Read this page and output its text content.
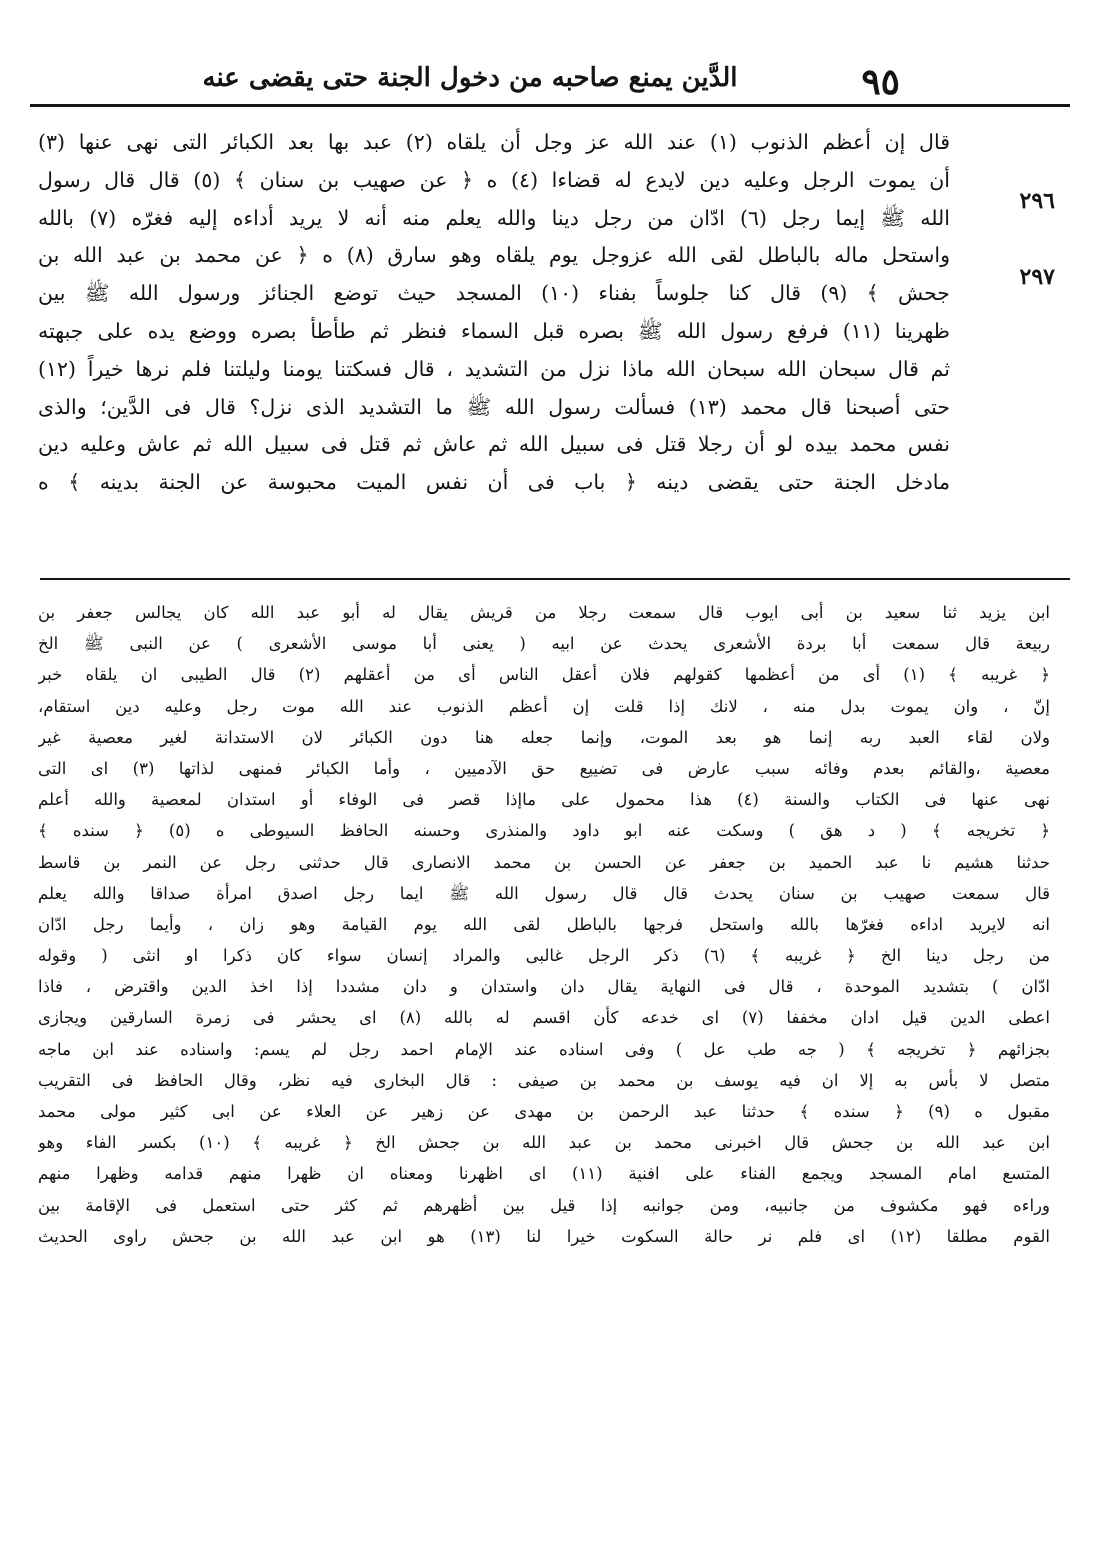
٩٥
الدَّين يمنع صاحبه من دخول الجنة حتى يقضى عنه
٢٩٦
٢٩٧
قال إن أعظم الذنوب (١) عند الله عز وجل أن يلقاه (٢) عبد بها بعد الكبائر التى نهى عنها (٣)
أن يموت الرجل وعليه دين لايدع له قضاءا (٤) ه ﴿ عن صهيب بن سنان ﴾ (٥) قال قال رسول
الله ﷺ إيما رجل (٦) ادّان من رجل دينا والله يعلم منه أنه لا يريد أداءه إليه فغرّه (٧) بالله
واستحل ماله بالباطل لقى الله عزوجل يوم يلقاه وهو سارق (٨) ه ﴿ عن محمد بن عبد الله بن
جحش ﴾ (٩) قال كنا جلوساً بفناء (١٠) المسجد حيث توضع الجنائز ورسول الله ﷺ بين
ظهرينا (١١) فرفع رسول الله ﷺ بصره قبل السماء فنظر ثم طأطأ بصره ووضع يده على جبهته
ثم قال سبحان الله سبحان الله ماذا نزل من التشديد ، قال فسكتنا يومنا وليلتنا فلم نرها خيراً (١٢)
حتى أصبحنا قال محمد (١٣) فسألت رسول الله ﷺ ما التشديد الذى نزل؟ قال فى الدَّين؛ والذى
نفس محمد بيده لو أن رجلا قتل فى سبيل الله ثم عاش ثم قتل فى سبيل الله ثم عاش وعليه دين
مادخل الجنة حتى يقضى دينه ﴿ باب فى أن نفس الميت محبوسة عن الجنة بدينه ﴾ ه
ابن يزيد ثنا سعيد بن أبى ايوب قال سمعت رجلا من قريش يقال له أبو عبد الله كان يجالس جعفر بن
ربيعة قال سمعت أبا بردة الأشعرى يحدث عن ابيه ( يعنى أبا موسى الأشعرى ) عن النبى ﷺ الخ
﴿ غريبه ﴾ (١) أى من أعظمها كقولهم فلان أعقل الناس أى من أعقلهم (٢) قال الطيبى ان يلقاه خبر
إنّ ، وان يموت بدل منه ، لانك إذا قلت إن أعظم الذنوب عند الله موت رجل وعليه دين استقام،
ولان لقاء العبد ربه إنما هو بعد الموت، وإنما جعله هنا دون الكبائر لان الاستدانة لغير معصية غير
معصية ،والقائم بعدم وفائه سبب عارض فى تضييع حق الآدميين ، وأما الكبائر فمنهى لذاتها (٣) اى التى
نهى عنها فى الكتاب والسنة (٤) هذا محمول على ماإذا قصر فى الوفاء أو استدان لمعصية والله أعلم
﴿ تخريجه ﴾ ( د هق ) وسكت عنه ابو داود والمنذرى وحسنه الحافظ السيوطى ه (٥) ﴿ سنده ﴾
حدثنا هشيم نا عبد الحميد بن جعفر عن الحسن بن محمد الانصارى قال حدثنى رجل عن النمر بن قاسط
قال سمعت صهيب بن سنان يحدث قال قال رسول الله ﷺ ايما رجل اصدق امرأة صداقا والله يعلم
انه لايريد اداءه فغرّها بالله واستحل فرجها بالباطل لقى الله يوم القيامة وهو زان ، وأيما رجل ادّان
من رجل دينا الخ ﴿ غريبه ﴾ (٦) ذكر الرجل غالبى والمراد إنسان سواء كان ذكرا او انثى ( وقوله
ادّان ) بتشديد الموحدة ، قال فى النهاية يقال دان واستدان و دان مشددا إذا اخذ الدين واقترض ، فاذا
اعطى الدين قيل ادان مخففا (٧) اى خدعه كأن اقسم له بالله (٨) اى يحشر فى زمرة السارقين ويجازى
بجزائهم ﴿ تخريجه ﴾ ( جه طب عل ) وفى اسناده عند الإمام احمد رجل لم يسم: واسناده عند ابن ماجه
متصل لا بأس به إلا ان فيه يوسف بن محمد بن صيفى : قال البخارى فيه نظر، وقال الحافظ فى التقريب
مقبول ه (٩) ﴿ سنده ﴾ حدثنا عبد الرحمن بن مهدى عن زهير عن العلاء عن ابى كثير مولى محمد
ابن عبد الله بن جحش قال اخبرنى محمد بن عبد الله بن جحش الخ ﴿ غريبه ﴾ (١٠) بكسر الفاء وهو
المتسع امام المسجد ويجمع الفناء على افنية (١١) اى اظهرنا ومعناه ان ظهرا منهم قدامه وظهرا منهم
وراءه فهو مكشوف من جانبيه، ومن جوانبه إذا قيل بين أظهرهم ثم كثر حتى استعمل فى الإقامة بين
القوم مطلقا (١٢) اى فلم نر حالة السكوت خيرا لنا (١٣) هو ابن عبد الله بن جحش راوى الحديث
